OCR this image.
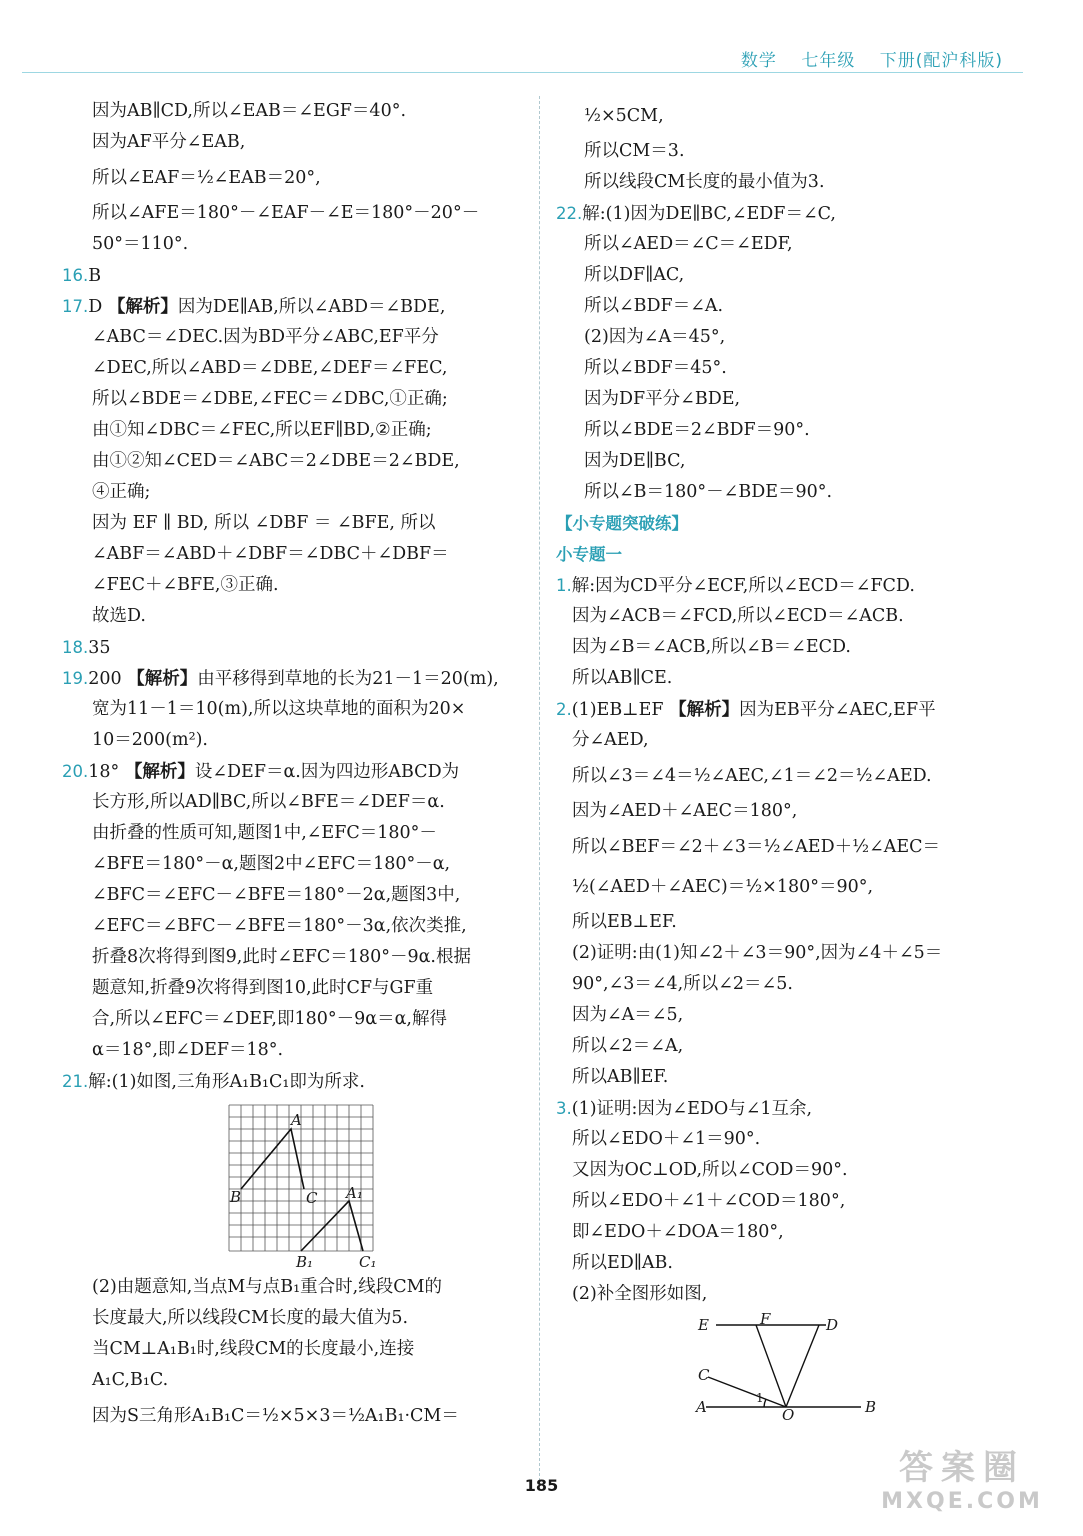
数学 七年级 下册(配沪科版)
因为AB∥CD,所以∠EAB＝∠EGF＝40°.
因为AF平分∠EAB,
所以∠EAF＝½∠EAB＝20°,
所以∠AFE＝180°－∠EAF－∠E＝180°－20°－
50°＝110°.
16.B
17.D 【解析】因为DE∥AB,所以∠ABD＝∠BDE,
∠ABC＝∠DEC.因为BD平分∠ABC,EF平分
∠DEC,所以∠ABD＝∠DBE,∠DEF＝∠FEC,
所以∠BDE＝∠DBE,∠FEC＝∠DBC,①正确;
由①知∠DBC＝∠FEC,所以EF∥BD,②正确;
由①②知∠CED＝∠ABC＝2∠DBE＝2∠BDE,
④正确;
因为 EF ∥ BD, 所以 ∠DBF ＝ ∠BFE, 所以
∠ABF＝∠ABD＋∠DBF＝∠DBC＋∠DBF＝
∠FEC＋∠BFE,③正确.
故选D.
18.35
19.200 【解析】由平移得到草地的长为21－1＝20(m),
宽为11－1＝10(m),所以这块草地的面积为20×
10＝200(m²).
20.18° 【解析】设∠DEF＝α.因为四边形ABCD为
长方形,所以AD∥BC,所以∠BFE＝∠DEF＝α.
由折叠的性质可知,题图1中,∠EFC＝180°－
∠BFE＝180°－α,题图2中∠EFC＝180°－α,
∠BFC＝∠EFC－∠BFE＝180°－2α,题图3中,
∠EFC＝∠BFC－∠BFE＝180°－3α,依次类推,
折叠8次将得到图9,此时∠EFC＝180°－9α.根据
题意知,折叠9次将得到图10,此时CF与GF重
合,所以∠EFC＝∠DEF,即180°－9α＝α,解得
α＝18°,即∠DEF＝18°.
21.解:(1)如图,三角形A₁B₁C₁即为所求.
A
B	C A₁
B₁	C₁
(2)由题意知,当点M与点B₁重合时,线段CM的
长度最大,所以线段CM长度的最大值为5.
当CM⊥A₁B₁时,线段CM的长度最小,连接
A₁C,B₁C.
因为S三角形A₁B₁C＝½×5×3＝½A₁B₁·CM＝
½×5CM,
所以CM＝3.
所以线段CM长度的最小值为3.
22.解:(1)因为DE∥BC,∠EDF＝∠C,
所以∠AED＝∠C＝∠EDF,
所以DF∥AC,
所以∠BDF＝∠A.
(2)因为∠A＝45°,
所以∠BDF＝45°.
因为DF平分∠BDE,
所以∠BDE＝2∠BDF＝90°.
因为DE∥BC,
所以∠B＝180°－∠BDE＝90°.
【小专题突破练】
小专题一
1.解:因为CD平分∠ECF,所以∠ECD＝∠FCD.
因为∠ACB＝∠FCD,所以∠ECD＝∠ACB.
因为∠B＝∠ACB,所以∠B＝∠ECD.
所以AB∥CE.
2.(1)EB⊥EF 【解析】因为EB平分∠AEC,EF平
分∠AED,
所以∠3＝∠4＝½∠AEC,∠1＝∠2＝½∠AED.
因为∠AED＋∠AEC＝180°,
所以∠BEF＝∠2＋∠3＝½∠AED＋½∠AEC＝
½(∠AED＋∠AEC)＝½×180°＝90°,
所以EB⊥EF.
(2)证明:由(1)知∠2＋∠3＝90°,因为∠4＋∠5＝
90°,∠3＝∠4,所以∠2＝∠5.
因为∠A＝∠5,
所以∠2＝∠A,
所以AB∥EF.
3.(1)证明:因为∠EDO与∠1互余,
所以∠EDO＋∠1＝90°.
又因为OC⊥OD,所以∠COD＝90°.
所以∠EDO＋∠1＋∠COD＝180°,
即∠EDO＋∠DOA＝180°,
所以ED∥AB.
(2)补全图形如图,
E	F	D
C
A	O	B
1
185	答案圈
MXQE.COM
